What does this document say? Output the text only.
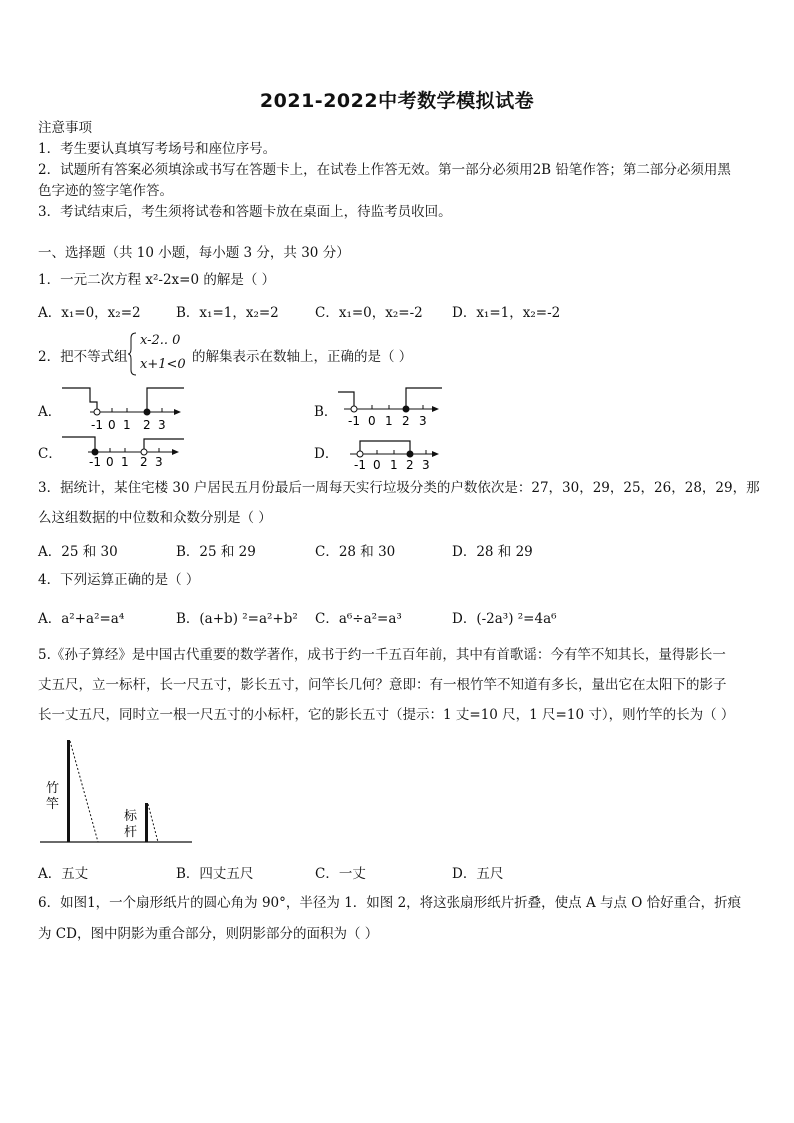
2021-2022中考数学模拟试卷
注意事项
1．考生要认真填写考场号和座位序号。
2．试题所有答案必须填涂或书写在答题卡上，在试卷上作答无效。第一部分必须用2B 铅笔作答；第二部分必须用黑
色字迹的签字笔作答。
3．考试结束后，考生须将试卷和答题卡放在桌面上，待监考员收回。
一、选择题（共 10 小题，每小题 3 分，共 30 分）
1．一元二次方程 x²-2x=0 的解是（ ）
A．x₁=0，x₂=2	B．x₁=1，x₂=2	C．x₁=0，x₂=-2 D．x₁=1，x₂=-2
2．把不等式组
x-2.. 0
x+1<0 的解集表示在数轴上，正确的是（ ）
A．
-1 0 1 2 3
B．
-1 0 1 2 3
C． -1 0 1 2 3	D．
-1 0 1 2 3
3．据统计，某住宅楼 30 户居民五月份最后一周每天实行垃圾分类的户数依次是：27，30，29，25，26，28，29，那
么这组数据的中位数和众数分别是（ ）
A．25 和 30	B．25 和 29	C．28 和 30	D．28 和 29
4．下列运算正确的是（ ）
A．a²+a²=a⁴	B．(a+b) ²=a²+b² C．a⁶÷a²=a³	D．(-2a³) ²=4a⁶
5.《孙子算经》是中国古代重要的数学著作，成书于约一千五百年前，其中有首歌谣：今有竿不知其长，量得影长一
丈五尺，立一标杆，长一尺五寸，影长五寸，问竿长几何？意即：有一根竹竿不知道有多长，量出它在太阳下的影子
长一丈五尺，同时立一根一尺五寸的小标杆，它的影长五寸（提示：1 丈=10 尺，1 尺=10 寸），则竹竿的长为（ ）
竹
竿
标
杆
A．五丈	B．四丈五尺	C．一丈	D．五尺
6．如图1，一个扇形纸片的圆心角为 90°，半径为 1．如图 2，将这张扇形纸片折叠，使点 A 与点 O 恰好重合，折痕
为 CD，图中阴影为重合部分，则阴影部分的面积为（ ）
